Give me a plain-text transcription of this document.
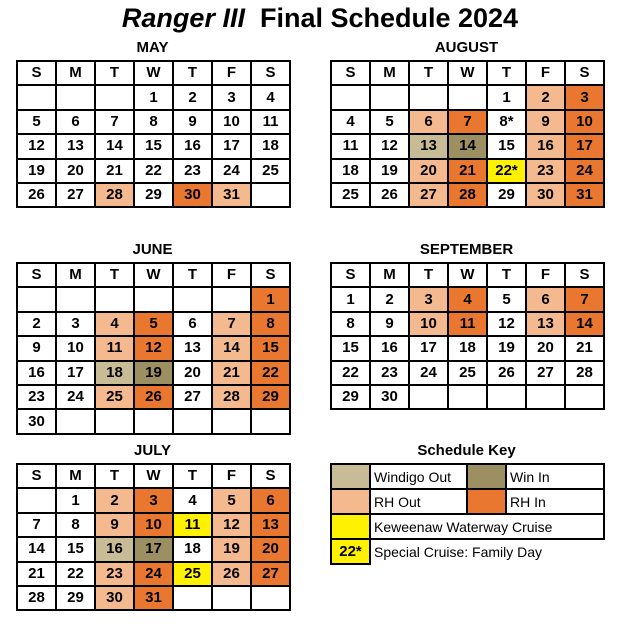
Ranger III Final Schedule 2024
MAY
S	M	T	W	T	F	S
			1	2	3	4
5	6	7	8	9	10	11
12	13	14	15	16	17	18
19	20	21	22	23	24	25
26	27	28	29	30	31	
AUGUST
S	M	T	W	T	F	S
				1	2	3
4	5	6	7	8*	9	10
11	12	13	14	15	16	17
18	19	20	21	22*	23	24
25	26	27	28	29	30	31
JUNE
S	M	T	W	T	F	S
						1
2	3	4	5	6	7	8
9	10	11	12	13	14	15
16	17	18	19	20	21	22
23	24	25	26	27	28	29
30						
SEPTEMBER
S	M	T	W	T	F	S
1	2	3	4	5	6	7
8	9	10	11	12	13	14
15	16	17	18	19	20	21
22	23	24	25	26	27	28
29	30					
JULY
S	M	T	W	T	F	S
	1	2	3	4	5	6
7	8	9	10	11	12	13
14	15	16	17	18	19	20
21	22	23	24	25	26	27
28	29	30	31			
Schedule Key
	Windigo Out		Win In
	RH Out		RH In
	Keweenaw Waterway Cruise		
22*	Special Cruise: Family Day		
